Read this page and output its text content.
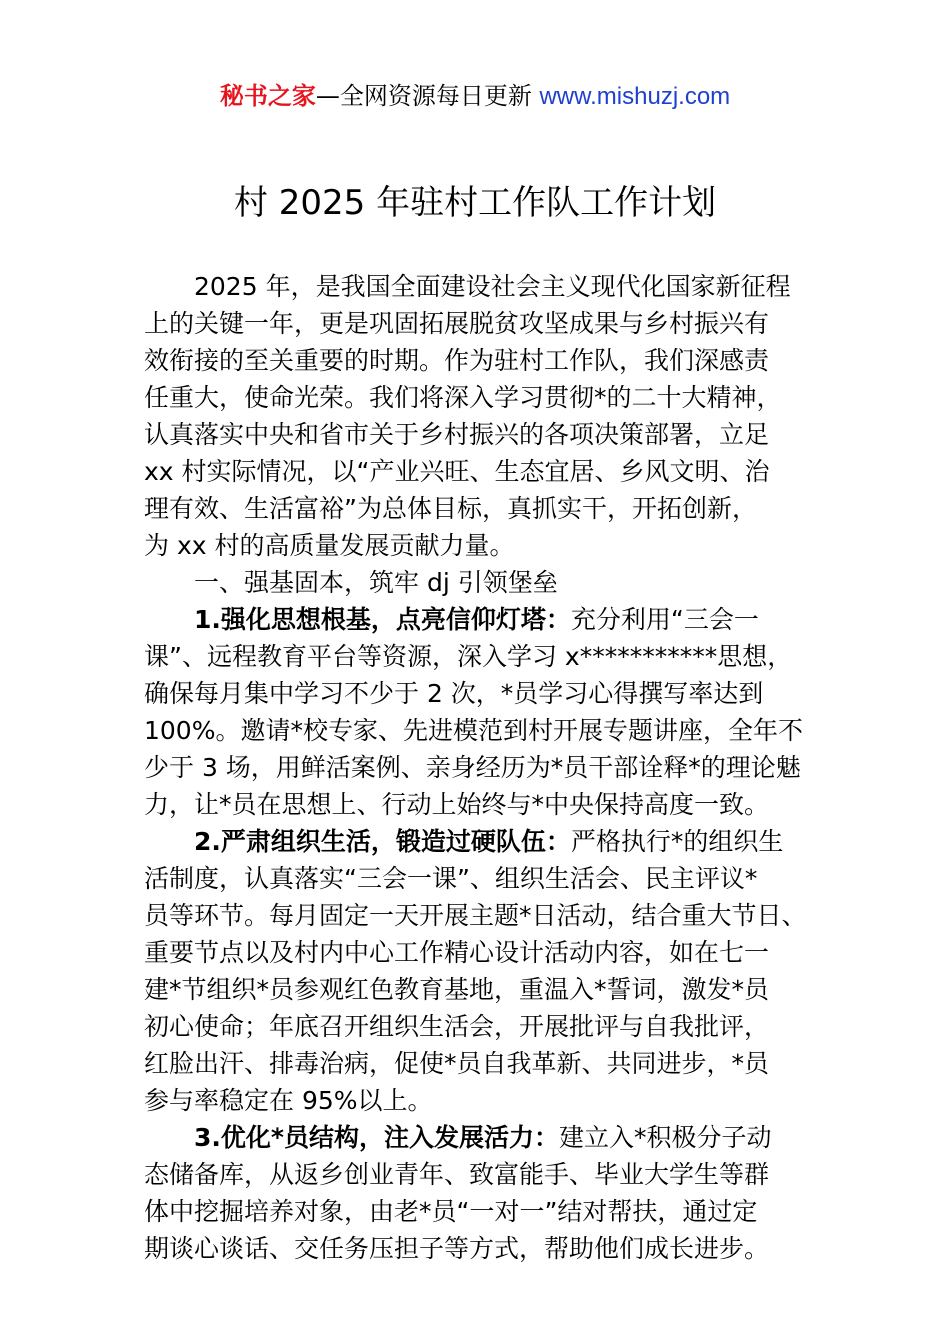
秘书之家—全网资源每日更新 www.mishuzj.com
村 2025 年驻村工作队工作计划
2025 年，是我国全面建设社会主义现代化国家新征程
上的关键一年，更是巩固拓展脱贫攻坚成果与乡村振兴有
效衔接的至关重要的时期。作为驻村工作队，我们深感责
任重大，使命光荣。我们将深入学习贯彻*的二十大精神，
认真落实中央和省市关于乡村振兴的各项决策部署，立足
xx 村实际情况，以“产业兴旺、生态宜居、乡风文明、治
理有效、生活富裕”为总体目标，真抓实干，开拓创新，
为 xx 村的高质量发展贡献力量。
一、强基固本，筑牢 dj 引领堡垒
1.强化思想根基，点亮信仰灯塔：充分利用“三会一
课”、远程教育平台等资源，深入学习 x***********思想，
确保每月集中学习不少于 2 次，*员学习心得撰写率达到
100%。邀请*校专家、先进模范到村开展专题讲座，全年不
少于 3 场，用鲜活案例、亲身经历为*员干部诠释*的理论魅
力，让*员在思想上、行动上始终与*中央保持高度一致。
2.严肃组织生活，锻造过硬队伍：严格执行*的组织生
活制度，认真落实“三会一课”、组织生活会、民主评议*
员等环节。每月固定一天开展主题*日活动，结合重大节日、
重要节点以及村内中心工作精心设计活动内容，如在七一
建*节组织*员参观红色教育基地，重温入*誓词，激发*员
初心使命；年底召开组织生活会，开展批评与自我批评，
红脸出汗、排毒治病，促使*员自我革新、共同进步，*员
参与率稳定在 95%以上。
3.优化*员结构，注入发展活力：建立入*积极分子动
态储备库，从返乡创业青年、致富能手、毕业大学生等群
体中挖掘培养对象，由老*员“一对一”结对帮扶，通过定
期谈心谈话、交任务压担子等方式，帮助他们成长进步。
